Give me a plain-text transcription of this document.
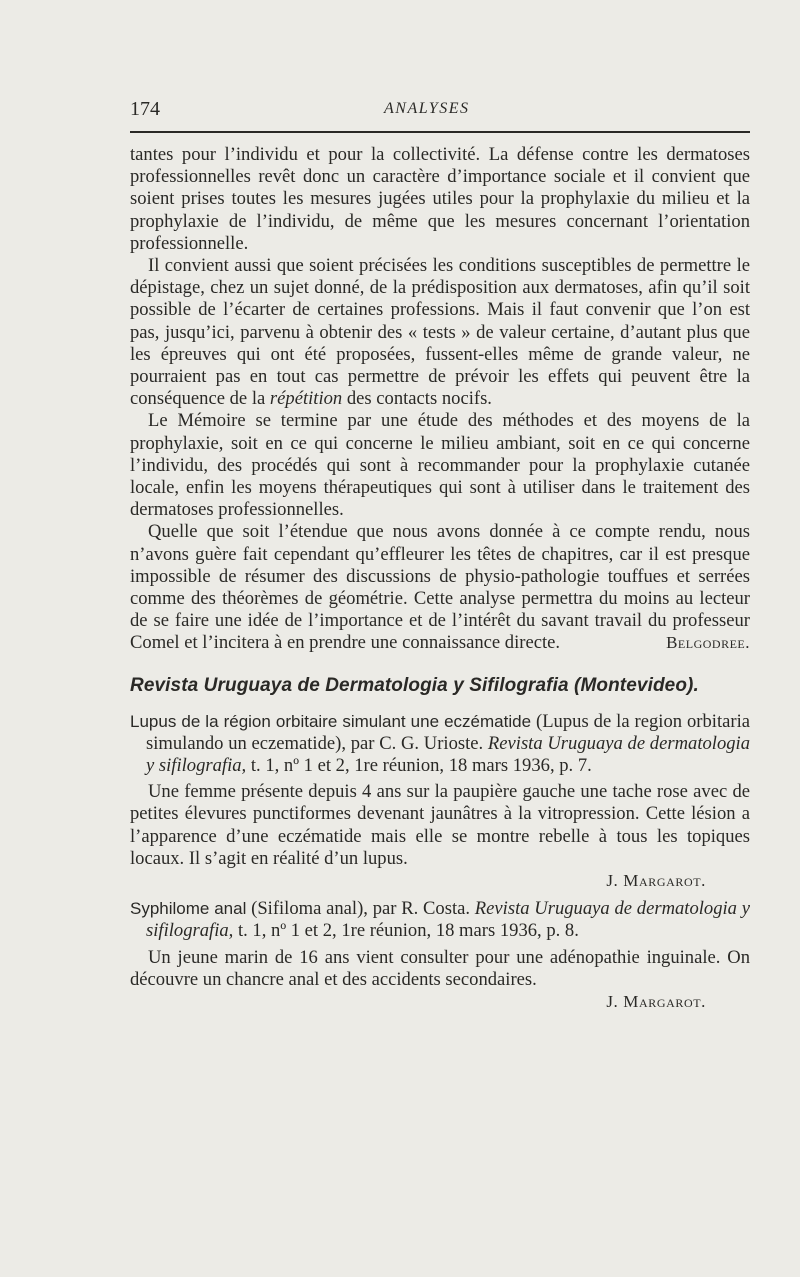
174	ANALYSES

tantes pour l’individu et pour la collectivité. La défense contre les dermatoses professionnelles revêt donc un caractère d’importance sociale et il convient que soient prises toutes les mesures jugées utiles pour la prophylaxie du milieu et la prophylaxie de l’individu, de même que les mesures concernant l’orientation professionnelle.

Il convient aussi que soient précisées les conditions susceptibles de permettre le dépistage, chez un sujet donné, de la prédisposition aux dermatoses, afin qu’il soit possible de l’écarter de certaines professions. Mais il faut convenir que l’on est pas, jusqu’ici, parvenu à obtenir des « tests » de valeur certaine, d’autant plus que les épreuves qui ont été proposées, fussent-elles même de grande valeur, ne pourraient pas en tout cas permettre de prévoir les effets qui peuvent être la conséquence de la répétition des contacts nocifs.

Le Mémoire se termine par une étude des méthodes et des moyens de la prophylaxie, soit en ce qui concerne le milieu ambiant, soit en ce qui concerne l’individu, des procédés qui sont à recommander pour la prophylaxie cutanée locale, enfin les moyens thérapeutiques qui sont à utiliser dans le traitement des dermatoses professionnelles.

Quelle que soit l’étendue que nous avons donnée à ce compte rendu, nous n’avons guère fait cependant qu’effleurer les têtes de chapitres, car il est presque impossible de résumer des discussions de physio-pathologie touffues et serrées comme des théorèmes de géométrie. Cette analyse permettra du moins au lecteur de se faire une idée de l’importance et de l’intérêt du savant travail du professeur Comel et l’incitera à en prendre une connaissance directe.	Belgodree.

Revista Uruguaya de Dermatologia y Sifilografia (Montevideo).

Lupus de la région orbitaire simulant une eczématide (Lupus de la region orbitaria simulando un eczematide), par C. G. Urioste. Revista Uruguaya de dermatologia y sifilografia, t. 1, nº 1 et 2, 1re réunion, 18 mars 1936, p. 7.

Une femme présente depuis 4 ans sur la paupière gauche une tache rose avec de petites élevures punctiformes devenant jaunâtres à la vitropression. Cette lésion a l’apparence d’une eczématide mais elle se montre rebelle à tous les topiques locaux. Il s’agit en réalité d’un lupus.

J. Margarot.

Syphilome anal (Sifiloma anal), par R. Costa. Revista Uruguaya de dermatologia y sifilografia, t. 1, nº 1 et 2, 1re réunion, 18 mars 1936, p. 8.

Un jeune marin de 16 ans vient consulter pour une adénopathie inguinale. On découvre un chancre anal et des accidents secondaires.

J. Margarot.
